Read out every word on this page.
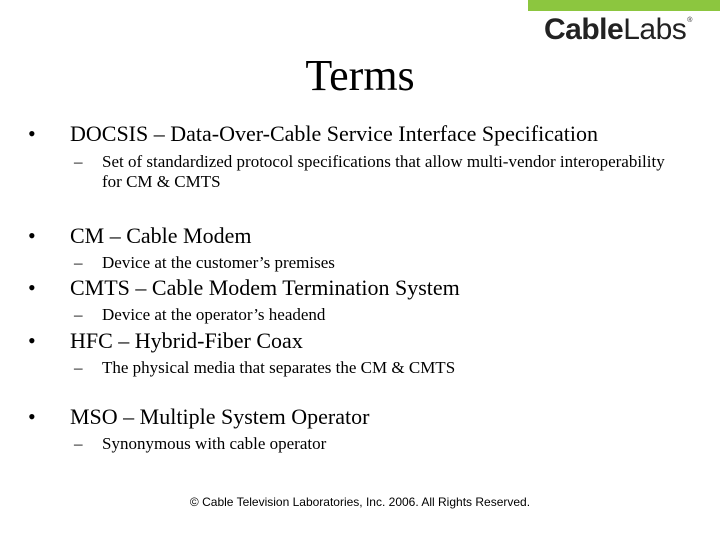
CableLabs®
Terms
• DOCSIS – Data-Over-Cable Service Interface Specification
–	Set of standardized protocol specifications that allow multi-vendor interoperability for CM & CMTS
• CM – Cable Modem
–	Device at the customer’s premises
• CMTS – Cable Modem Termination System
–	Device at the operator’s headend
• HFC – Hybrid-Fiber Coax
–	The physical media that separates the CM & CMTS
• MSO – Multiple System Operator
–	Synonymous with cable operator
© Cable Television Laboratories, Inc. 2006. All Rights Reserved.
